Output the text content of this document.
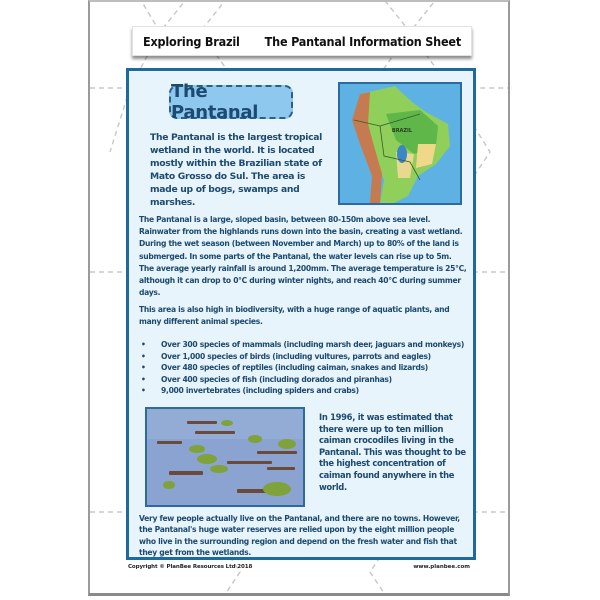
Exploring Brazil The Pantanal Information Sheet
The Pantanal
BRAZIL
The Pantanal is the largest tropical wetland in the world. It is located mostly within the Brazilian state of Mato Grosso do Sul. The area is made up of bogs, swamps and marshes.
The Pantanal is a large, sloped basin, between 80-150m above sea level. Rainwater from the highlands runs down into the basin, creating a vast wetland. During the wet season (between November and March) up to 80% of the land is submerged. In some parts of the Pantanal, the water levels can rise up to 5m. The average yearly rainfall is around 1,200mm. The average temperature is 25°C, although it can drop to 0°C during winter nights, and reach 40°C during summer days.
This area is also high in biodiversity, with a huge range of aquatic plants, and many different animal species.
•	Over 300 species of mammals (including marsh deer, jaguars and monkeys)
•	Over 1,000 species of birds (including vultures, parrots and eagles)
•	Over 480 species of reptiles (including caiman, snakes and lizards)
•	Over 400 species of fish (including dorados and piranhas)
•	9,000 invertebrates (including spiders and crabs)
In 1996, it was estimated that there were up to ten million caiman crocodiles living in the Pantanal. This was thought to be the highest concentration of caiman found anywhere in the world.
Very few people actually live on the Pantanal, and there are no towns. However, the Pantanal's huge water reserves are relied upon by the eight million people who live in the surrounding region and depend on the fresh water and fish that they get from the wetlands.
Copyright © PlanBee Resources Ltd 2018	www.planbee.com
